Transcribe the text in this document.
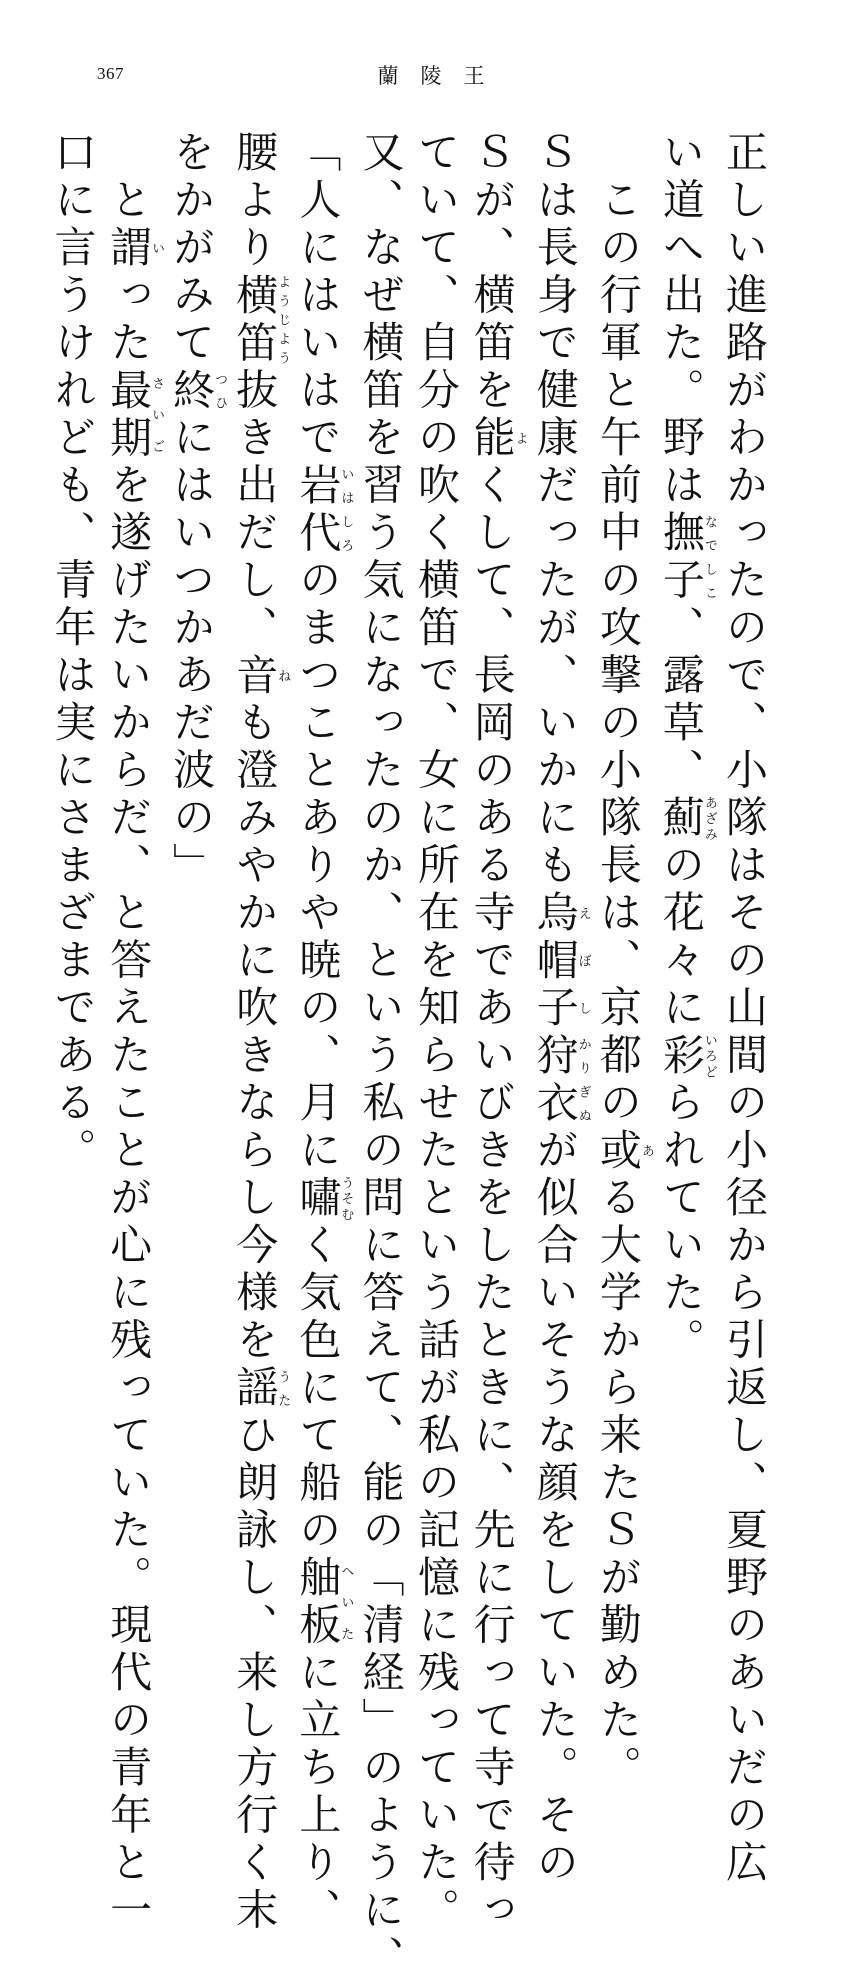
367	蘭陵王
正しい進路がわかったので、小隊はその山間の小径から引返し、夏野のあいだの広
い道へ出た。野は撫子なでしこ、露草、薊あざみの花々に彩いろどられていた。
　この行軍と午前中の攻撃の小隊長は、京都の或ある大学から来たＳが勤めた。
Ｓは長身で健康だったが、いかにも烏え帽ぼ子し狩衣かりぎぬが似合いそうな顔をしていた。その
Ｓが、横笛を能よくして、長岡のある寺であいびきをしたときに、先に行って寺で待っ
ていて、自分の吹く横笛で、女に所在を知らせたという話が私の記憶に残っていた。
又、なぜ横笛を習う気になったのか、という私の問に答えて、能の「清経」のように、
「人にはいはで岩代いはしろのまつことありや暁の、月に嘯うそむく気色にて船の舳板へいたに立ち上り、
腰より横笛ようじよう抜き出だし、音ねも澄みやかに吹きならし今様を謡うたひ朗詠し、来し方行く末
をかがみて終つひにはいつかあだ波の」
　と謂いった最期さいごを遂げたいからだ、と答えたことが心に残っていた。現代の青年と一
口に言うけれども、青年は実にさまざまである。
